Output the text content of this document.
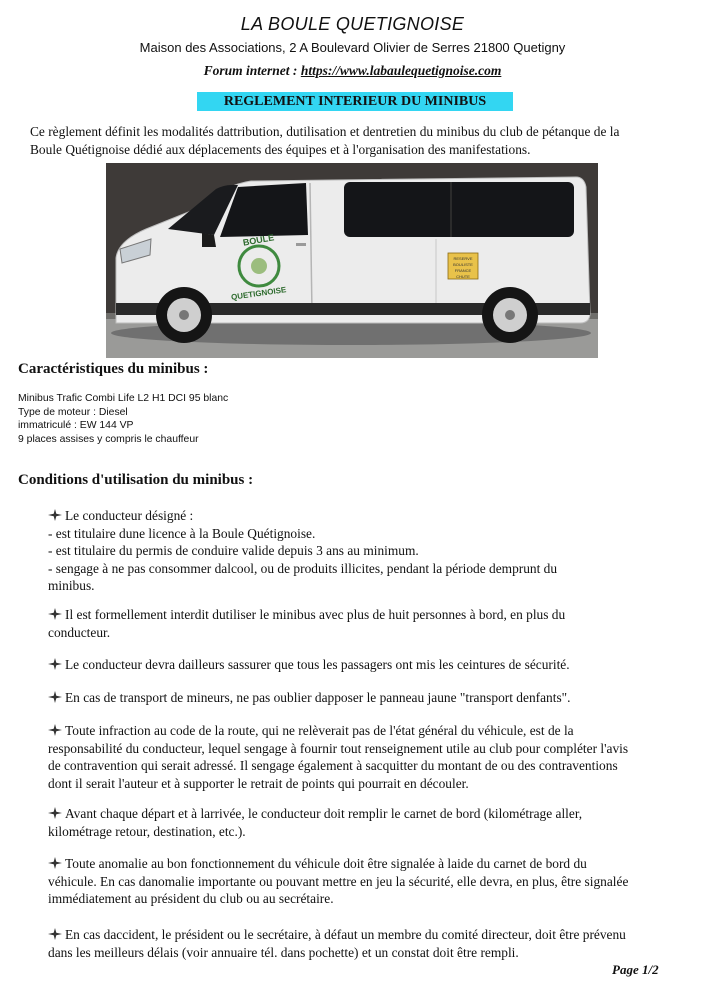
LA BOULE QUETIGNOISE
Maison des Associations, 2 A Boulevard Olivier de Serres 21800 Quetigny
Forum internet : https://www.labaulequetignoise.com
REGLEMENT INTERIEUR DU MINIBUS
Ce règlement définit les modalités dattribution, dutilisation et dentretien du minibus du club de pétanque de la
Boule Quétignoise dédié aux déplacements des équipes et à l'organisation des manifestations.
BOULE
QUETIGNOISE
RESERVE
BOULISTE
FRANCE
CHUTE
Caractéristiques du minibus :
Minibus Trafic Combi Life L2 H1 DCI 95 blanc
Type de moteur : Diesel
immatriculé : EW 144 VP
9 places assises y compris le chauffeur
Conditions d'utilisation du minibus :
Le conducteur désigné :
- est titulaire dune licence à la Boule Quétignoise.
- est titulaire du permis de conduire valide depuis 3 ans au minimum.
- sengage à ne pas consommer dalcool, ou de produits illicites, pendant la période demprunt du
minibus.
Il est formellement interdit dutiliser le minibus avec plus de huit personnes à bord, en plus du
conducteur.
Le conducteur devra dailleurs sassurer que tous les passagers ont mis les ceintures de sécurité.
En cas de transport de mineurs, ne pas oublier dapposer le panneau jaune "transport denfants".
Toute infraction au code de la route, qui ne relèverait pas de l'état général du véhicule, est de la
responsabilité du conducteur, lequel sengage à fournir tout renseignement utile au club pour compléter l'avis
de contravention qui serait adressé. Il sengage également à sacquitter du montant de ou des contraventions
dont il serait l'auteur et à supporter le retrait de points qui pourrait en découler.
Avant chaque départ et à larrivée, le conducteur doit remplir le carnet de bord (kilométrage aller,
kilométrage retour, destination, etc.).
Toute anomalie au bon fonctionnement du véhicule doit être signalée à laide du carnet de bord du
véhicule. En cas danomalie importante ou pouvant mettre en jeu la sécurité, elle devra, en plus, être signalée
immédiatement au président du club ou au secrétaire.
En cas daccident, le président ou le secrétaire, à défaut un membre du comité directeur, doit être prévenu
dans les meilleurs délais (voir annuaire tél. dans pochette) et un constat doit être rempli.
Page 1/2
